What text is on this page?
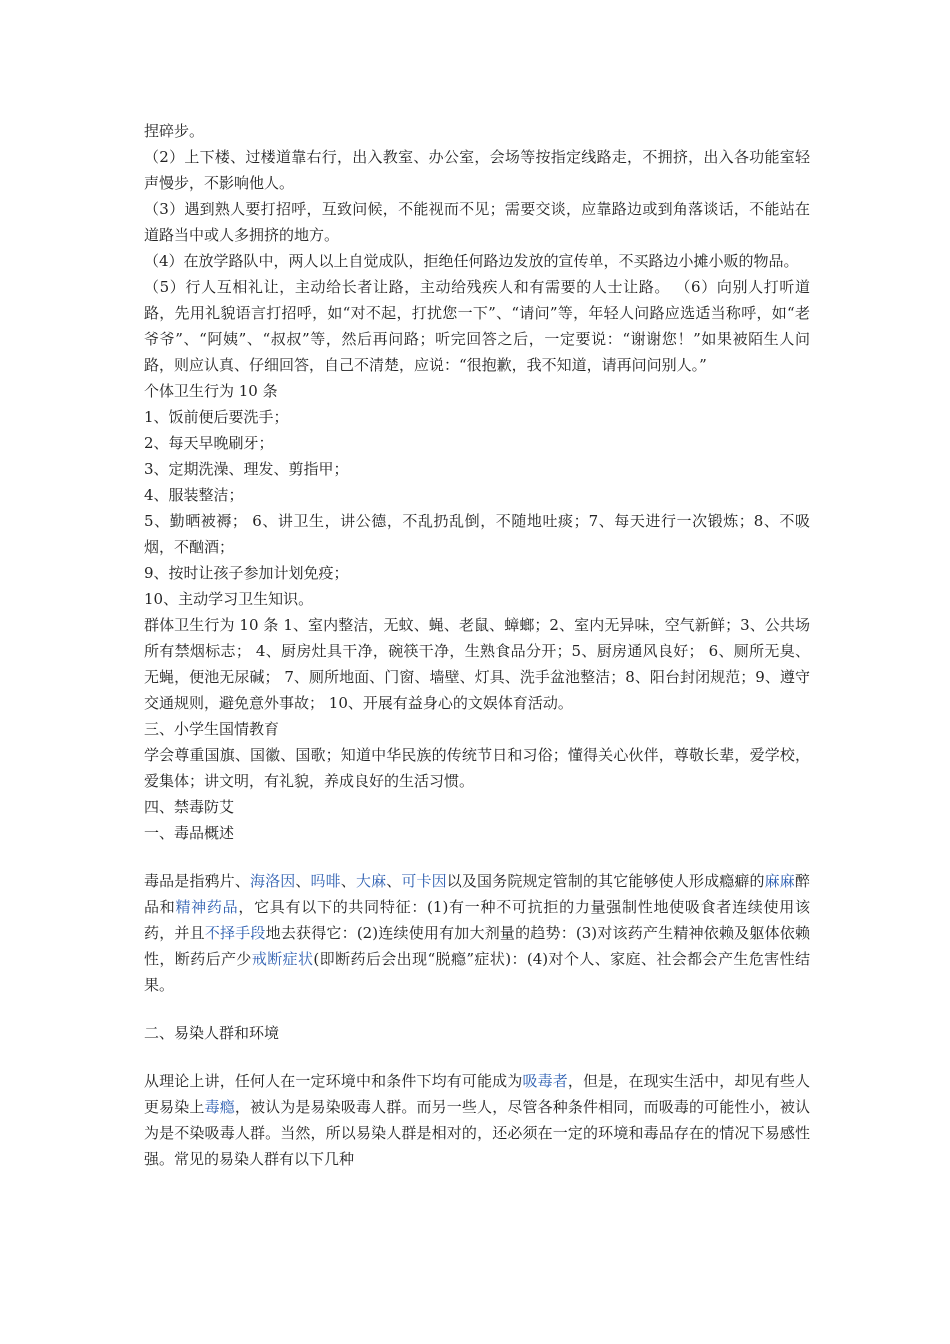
捏碎步。

（2）上下楼、过楼道靠右行，出入教室、办公室，会场等按指定线路走，不拥挤，出入各功能室轻声慢步，不影响他人。

（3）遇到熟人要打招呼，互致问候，不能视而不见；需要交谈，应靠路边或到角落谈话，不能站在道路当中或人多拥挤的地方。

（4）在放学路队中，两人以上自觉成队，拒绝任何路边发放的宣传单，不买路边小摊小贩的物品。

（5）行人互相礼让，主动给长者让路，主动给残疾人和有需要的人士让路。 （6）向别人打听道路，先用礼貌语言打招呼，如“对不起，打扰您一下”、“请问”等，年轻人问路应选适当称呼，如“老爷爷”、“阿姨”、“叔叔”等，然后再问路；听完回答之后，一定要说：“谢谢您！”如果被陌生人问路，则应认真、仔细回答，自己不清楚，应说：“很抱歉，我不知道，请再问问别人。”

个体卫生行为 10 条

1、饭前便后要洗手；

2、每天早晚刷牙；

3、定期洗澡、理发、剪指甲；

4、服装整洁；

5、勤晒被褥； 6、讲卫生，讲公德，不乱扔乱倒，不随地吐痰；7、每天进行一次锻炼；8、不吸烟，不酗酒；

9、按时让孩子参加计划免疫；

10、主动学习卫生知识。

群体卫生行为 10 条 1、室内整洁，无蚊、蝇、老鼠、蟑螂；2、室内无异味，空气新鲜；3、公共场所有禁烟标志； 4、厨房灶具干净，碗筷干净，生熟食品分开；5、厨房通风良好； 6、厕所无臭、无蝇，便池无尿碱； 7、厕所地面、门窗、墙壁、灯具、洗手盆池整洁；8、阳台封闭规范；9、遵守交通规则，避免意外事故； 10、开展有益身心的文娱体育活动。

三、小学生国情教育

学会尊重国旗、国徽、国歌；知道中华民族的传统节日和习俗；懂得关心伙伴，尊敬长辈，爱学校，爱集体；讲文明，有礼貌，养成良好的生活习惯。

四、禁毒防艾

一、毒品概述

毒品是指鸦片、海洛因、吗啡、大麻、可卡因以及国务院规定管制的其它能够使人形成瘾癖的麻麻醉品和精神药品，它具有以下的共同特征：(1)有一种不可抗拒的力量强制性地使吸食者连续使用该药，并且不择手段地去获得它：(2)连续使用有加大剂量的趋势：(3)对该药产生精神依赖及躯体依赖性，断药后产少戒断症状(即断药后会出现“脱瘾”症状)：(4)对个人、家庭、社会都会产生危害性结果。

二、易染人群和环境

从理论上讲，任何人在一定环境中和条件下均有可能成为吸毒者，但是，在现实生活中，却见有些人更易染上毒瘾，被认为是易染吸毒人群。而另一些人，尽管各种条件相同，而吸毒的可能性小，被认为是不染吸毒人群。当然，所以易染人群是相对的，还必须在一定的环境和毒品存在的情况下易感性强。常见的易染人群有以下几种
